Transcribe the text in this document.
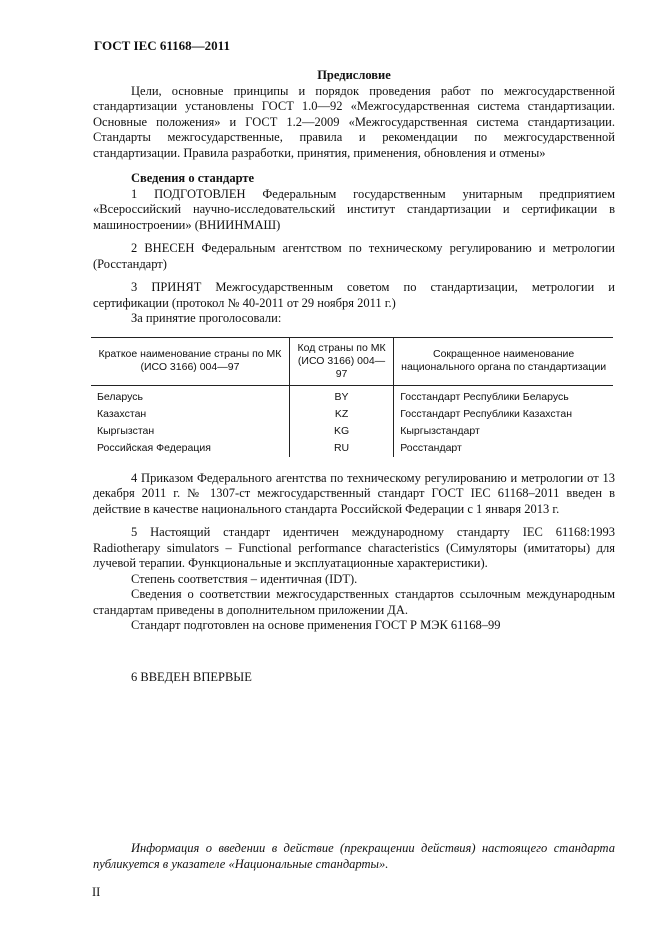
ГОСТ IEC 61168—2011

Предисловие

Цели, основные принципы и порядок проведения работ по межгосударственной стандартизации установлены ГОСТ 1.0—92 «Межгосударственная система стандартизации. Основные положения» и ГОСТ 1.2—2009 «Межгосударственная система стандартизации. Стандарты межгосударственные, правила и рекомендации по межгосударственной стандартизации. Правила разработки, принятия, применения, обновления и отмены»

Сведения о стандарте

1 ПОДГОТОВЛЕН Федеральным государственным унитарным предприятием «Всероссийский научно-исследовательский институт стандартизации и сертификации в машиностроении» (ВНИИНМАШ)

2 ВНЕСЕН Федеральным агентством по техническому регулированию и метрологии (Росстандарт)

3 ПРИНЯТ Межгосударственным советом по стандартизации, метрологии и сертификации (протокол № 40-2011 от 29 ноября 2011 г.)

За принятие проголосовали:

Краткое наименование страны по МК (ИСО 3166) 004—97	Код страны по МК (ИСО 3166) 004—97	Сокращенное наименование национального органа по стандартизации
Беларусь	BY	Госстандарт Республики Беларусь
Казахстан	KZ	Госстандарт Республики Казахстан
Кыргызстан	KG	Кыргызстандарт
Российская Федерация	RU	Росстандарт

4 Приказом Федерального агентства по техническому регулированию и метрологии от 13 декабря 2011 г. № 1307-ст межгосударственный стандарт ГОСТ IEC 61168–2011 введен в действие в качестве национального стандарта Российской Федерации с 1 января 2013 г.

5 Настоящий стандарт идентичен международному стандарту IEC 61168:1993 Radiotherapy simulators – Functional performance characteristics (Симуляторы (имитаторы) для лучевой терапии. Функциональные и эксплуатационные характеристики).

Степень соответствия – идентичная (IDT).

Сведения о соответствии межгосударственных стандартов ссылочным международным стандартам приведены в дополнительном приложении ДА.

Стандарт подготовлен на основе применения ГОСТ Р МЭК 61168–99

6 ВВЕДЕН ВПЕРВЫЕ

Информация о введении в действие (прекращении действия) настоящего стандарта публикуется в указателе «Национальные стандарты».
II
